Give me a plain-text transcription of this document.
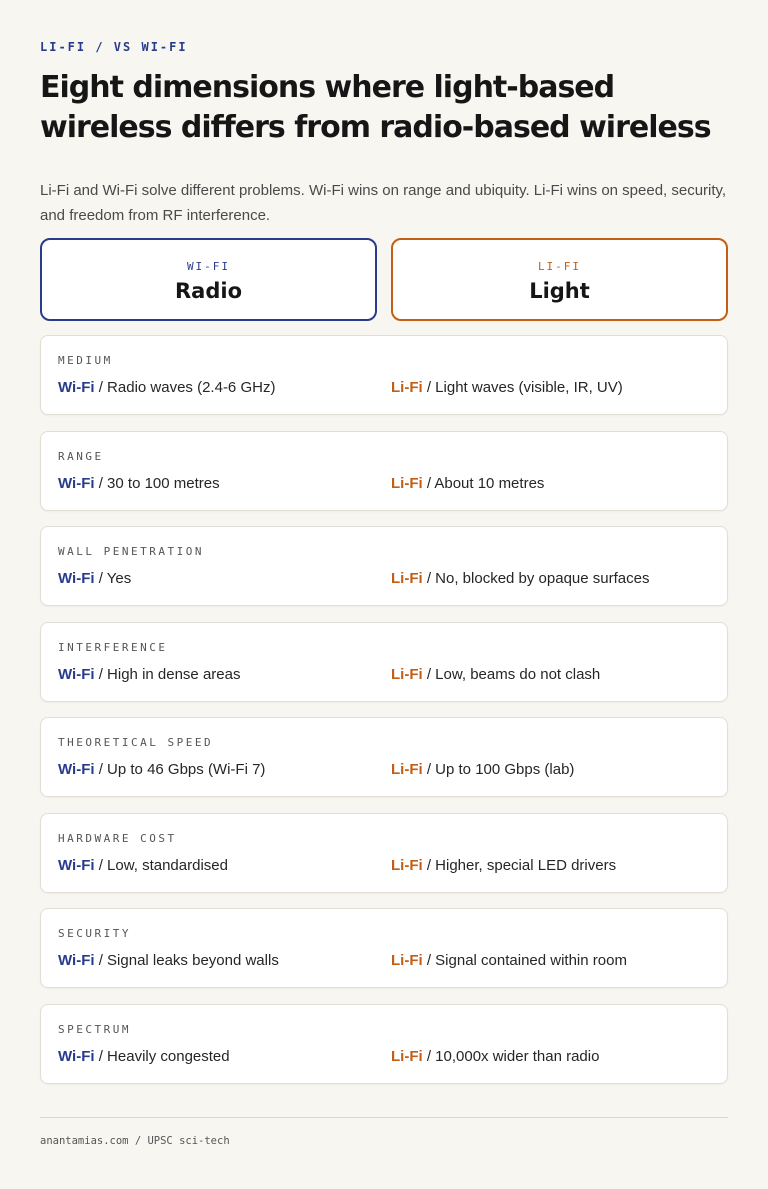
LI-FI / VS WI-FI
Eight dimensions where light-based wireless differs from radio-based wireless

Li-Fi and Wi-Fi solve different problems. Wi-Fi wins on range and ubiquity. Li-Fi wins on speed, security, and freedom from RF interference.

WI-FI
Radio
LI-FI
Light
MEDIUM
Wi-Fi / Radio waves (2.4-6 GHz)	Li-Fi / Light waves (visible, IR, UV)
RANGE
Wi-Fi / 30 to 100 metres	Li-Fi / About 10 metres
WALL PENETRATION
Wi-Fi / Yes	Li-Fi / No, blocked by opaque surfaces
INTERFERENCE
Wi-Fi / High in dense areas	Li-Fi / Low, beams do not clash
THEORETICAL SPEED
Wi-Fi / Up to 46 Gbps (Wi-Fi 7)	Li-Fi / Up to 100 Gbps (lab)
HARDWARE COST
Wi-Fi / Low, standardised	Li-Fi / Higher, special LED drivers
SECURITY
Wi-Fi / Signal leaks beyond walls	Li-Fi / Signal contained within room
SPECTRUM
Wi-Fi / Heavily congested	Li-Fi / 10,000x wider than radio
anantamias.com / UPSC sci-tech
